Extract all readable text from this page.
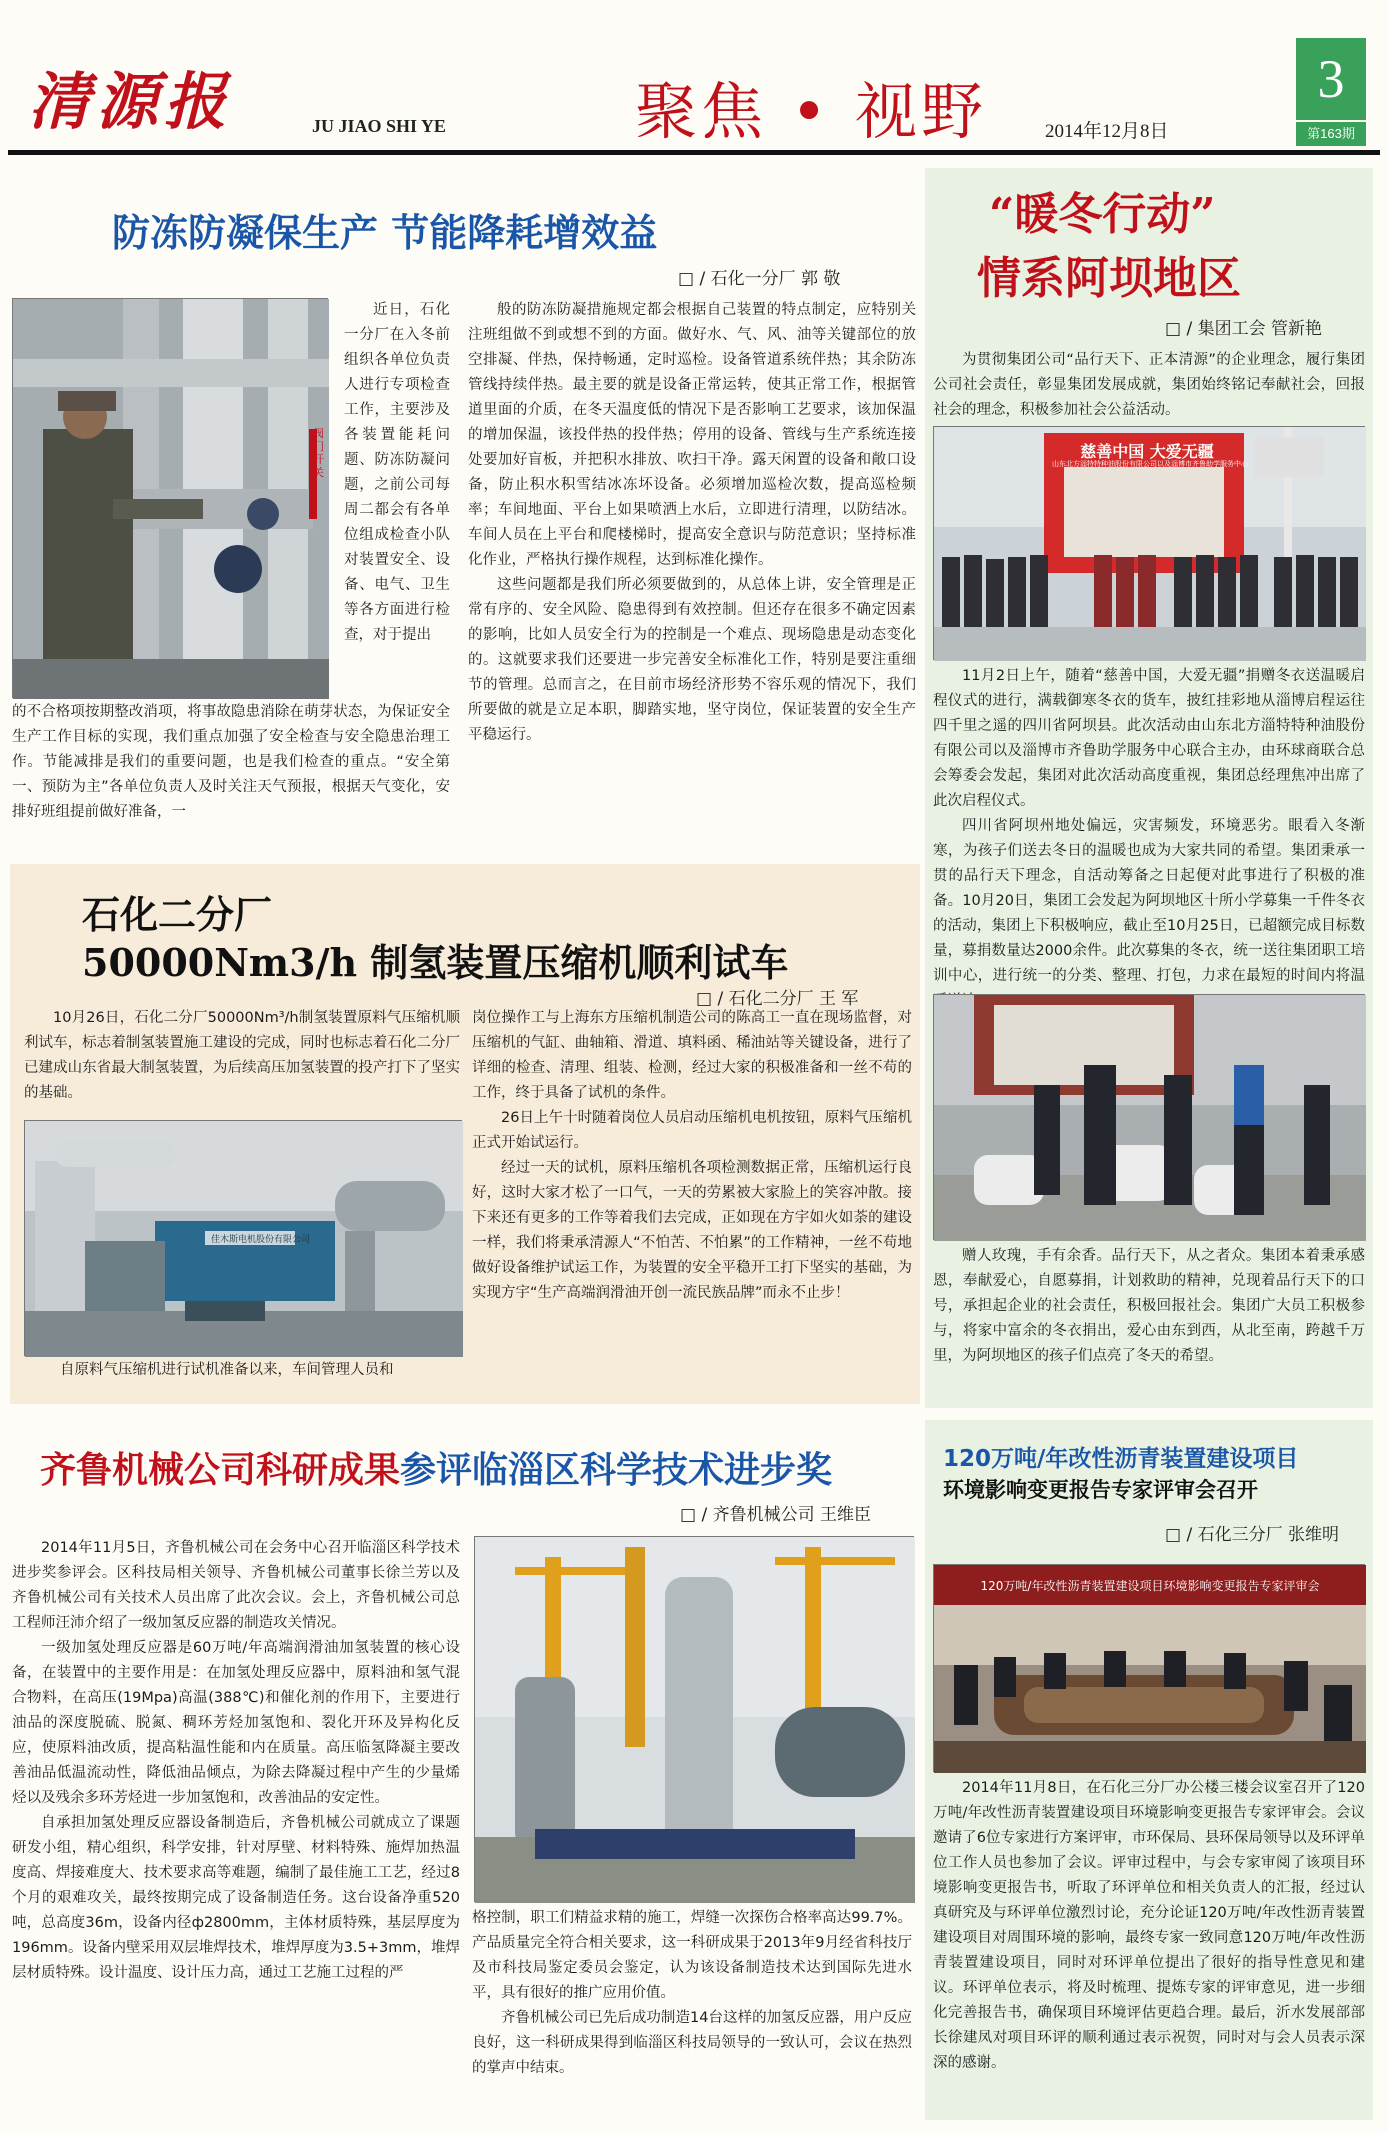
清源报	JU JIAO SHI YE	聚焦 • 视野	2014年12月8日
3
第163期
防冻防凝保生产 节能降耗增效益
□ / 石化一分厂 郭 敬
阀门开关

近日，石化一分厂在入冬前组织各单位负责人进行专项检查工作，主要涉及各装置能耗问题、防冻防凝问题，之前公司每周二都会有各单位组成检查小队对装置安全、设备、电气、卫生等各方面进行检查，对于提出

的不合格项按期整改消项，将事故隐患消除在萌芽状态，为保证安全生产工作目标的实现，我们重点加强了安全检查与安全隐患治理工作。节能减排是我们的重要问题，也是我们检查的重点。“安全第一、预防为主”各单位负责人及时关注天气预报，根据天气变化，安排好班组提前做好准备，一

般的防冻防凝措施规定都会根据自己装置的特点制定，应特别关注班组做不到或想不到的方面。做好水、气、风、油等关键部位的放空排凝、伴热，保持畅通，定时巡检。设备管道系统伴热；其余防冻管线持续伴热。最主要的就是设备正常运转，使其正常工作，根据管道里面的介质，在冬天温度低的情况下是否影响工艺要求，该加保温的增加保温，该投伴热的投伴热；停用的设备、管线与生产系统连接处要加好盲板，并把积水排放、吹扫干净。露天闲置的设备和敞口设备，防止积水积雪结冰冻坏设备。必须增加巡检次数，提高巡检频率；车间地面、平台上如果喷洒上水后，立即进行清理，以防结冰。车间人员在上平台和爬楼梯时，提高安全意识与防范意识；坚持标准化作业，严格执行操作规程，达到标准化操作。

这些问题都是我们所必须要做到的，从总体上讲，安全管理是正常有序的、安全风险、隐患得到有效控制。但还存在很多不确定因素的影响，比如人员安全行为的控制是一个难点、现场隐患是动态变化的。这就要求我们还要进一步完善安全标准化工作，特别是要注重细节的管理。总而言之，在目前市场经济形势不容乐观的情况下，我们所要做的就是立足本职，脚踏实地，坚守岗位，保证装置的安全生产平稳运行。

石化二分厂
50000Nm3/h 制氢装置压缩机顺利试车
□ / 石化二分厂 王 军

10月26日，石化二分厂50000Nm³/h制氢装置原料气压缩机顺利试车，标志着制氢装置施工建设的完成，同时也标志着石化二分厂已建成山东省最大制氢装置，为后续高压加氢装置的投产打下了坚实的基础。

佳木斯电机股份有限公司
自原料气压缩机进行试机准备以来，车间管理人员和

岗位操作工与上海东方压缩机制造公司的陈高工一直在现场监督，对压缩机的气缸、曲轴箱、滑道、填料函、稀油站等关键设备，进行了详细的检查、清理、组装、检测，经过大家的积极准备和一丝不苟的工作，终于具备了试机的条件。

26日上午十时随着岗位人员启动压缩机电机按钮，原料气压缩机正式开始试运行。

经过一天的试机，原料压缩机各项检测数据正常，压缩机运行良好，这时大家才松了一口气，一天的劳累被大家脸上的笑容冲散。接下来还有更多的工作等着我们去完成，正如现在方宇如火如荼的建设一样，我们将秉承清源人“不怕苦、不怕累”的工作精神，一丝不苟地做好设备维护试运工作，为装置的安全平稳开工打下坚实的基础，为实现方宇“生产高端润滑油开创一流民族品牌”而永不止步！

齐鲁机械公司科研成果参评临淄区科学技术进步奖
□ / 齐鲁机械公司 王维臣

2014年11月5日，齐鲁机械公司在会务中心召开临淄区科学技术进步奖参评会。区科技局相关领导、齐鲁机械公司董事长徐兰芳以及齐鲁机械公司有关技术人员出席了此次会议。会上，齐鲁机械公司总工程师汪沛介绍了一级加氢反应器的制造攻关情况。

一级加氢处理反应器是60万吨/年高端润滑油加氢装置的核心设备，在装置中的主要作用是：在加氢处理反应器中，原料油和氢气混合物料，在高压(19Mpa)高温(388℃)和催化剂的作用下，主要进行油品的深度脱硫、脱氮、稠环芳烃加氢饱和、裂化开环及异构化反应，使原料油改质，提高粘温性能和内在质量。高压临氢降凝主要改善油品低温流动性，降低油品倾点，为除去降凝过程中产生的少量烯烃以及残余多环芳烃进一步加氢饱和，改善油品的安定性。

自承担加氢处理反应器设备制造后，齐鲁机械公司就成立了课题研发小组，精心组织，科学安排，针对厚壁、材料特殊、施焊加热温度高、焊接难度大、技术要求高等难题，编制了最佳施工工艺，经过8个月的艰难攻关，最终按期完成了设备制造任务。这台设备净重520吨，总高度36m，设备内径ф2800mm，主体材质特殊，基层厚度为196mm。设备内壁采用双层堆焊技术，堆焊厚度为3.5+3mm，堆焊层材质特殊。设计温度、设计压力高，通过工艺施工过程的严

格控制，职工们精益求精的施工，焊缝一次探伤合格率高达99.7%。产品质量完全符合相关要求，这一科研成果于2013年9月经省科技厅及市科技局鉴定委员会鉴定，认为该设备制造技术达到国际先进水平，具有很好的推广应用价值。

齐鲁机械公司已先后成功制造14台这样的加氢反应器，用户反应良好，这一科研成果得到临淄区科技局领导的一致认可，会议在热烈的掌声中结束。

“暖冬行动”
情系阿坝地区
□ / 集团工会 管新艳

为贯彻集团公司“品行天下、正本清源”的企业理念，履行集团公司社会责任，彰显集团发展成就，集团始终铭记奉献社会，回报社会的理念，积极参加社会公益活动。

慈善中国 大爱无疆
山东北方淄特特种油股份有限公司以及淄博市齐鲁助学服务中心

11月2日上午，随着“慈善中国，大爱无疆”捐赠冬衣送温暖启程仪式的进行，满载御寒冬衣的货车，披红挂彩地从淄博启程运往四千里之遥的四川省阿坝县。此次活动由山东北方淄特特种油股份有限公司以及淄博市齐鲁助学服务中心联合主办，由环球商联合总会筹委会发起，集团对此次活动高度重视，集团总经理焦冲出席了此次启程仪式。

四川省阿坝州地处偏远，灾害频发，环境恶劣。眼看入冬渐寒，为孩子们送去冬日的温暖也成为大家共同的希望。集团秉承一贯的品行天下理念，自活动筹备之日起便对此事进行了积极的准备。10月20日，集团工会发起为阿坝地区十所小学募集一千件冬衣的活动，集团上下积极响应，截止至10月25日，已超额完成目标数量，募捐数量达2000余件。此次募集的冬衣，统一送往集团职工培训中心，进行统一的分类、整理、打包，力求在最短的时间内将温

赠人玫瑰，手有余香。品行天下，从之者众。集团本着秉承感恩，奉献爱心，自愿募捐，计划救助的精神，兑现着品行天下的口号，承担起企业的社会责任，积极回报社会。集团广大员工积极参与，将家中富余的冬衣捐出，爱心由东到西，从北至南，跨越千万里，为阿坝地区的孩子们点亮了冬天的希望。

120万吨/年改性沥青装置建设项目
环境影响变更报告专家评审会召开
□ / 石化三分厂 张维明
120万吨/年改性沥青装置建设项目环境影响变更报告专家评审会

2014年11月8日，在石化三分厂办公楼三楼会议室召开了120万吨/年改性沥青装置建设项目环境影响变更报告专家评审会。会议邀请了6位专家进行方案评审，市环保局、县环保局领导以及环评单位工作人员也参加了会议。评审过程中，与会专家审阅了该项目环境影响变更报告书，听取了环评单位和相关负责人的汇报，经过认真研究及与环评单位激烈讨论，充分论证120万吨/年改性沥青装置建设项目对周围环境的影响，最终专家一致同意120万吨/年改性沥青装置建设项目，同时对环评单位提出了很好的指导性意见和建议。环评单位表示，将及时梳理、提炼专家的评审意见，进一步细化完善报告书，确保项目环境评估更趋合理。最后，沂水发展部部长徐建凤对项目环评的顺利通过表示祝贺，同时对与会人员表示深深的感谢。
